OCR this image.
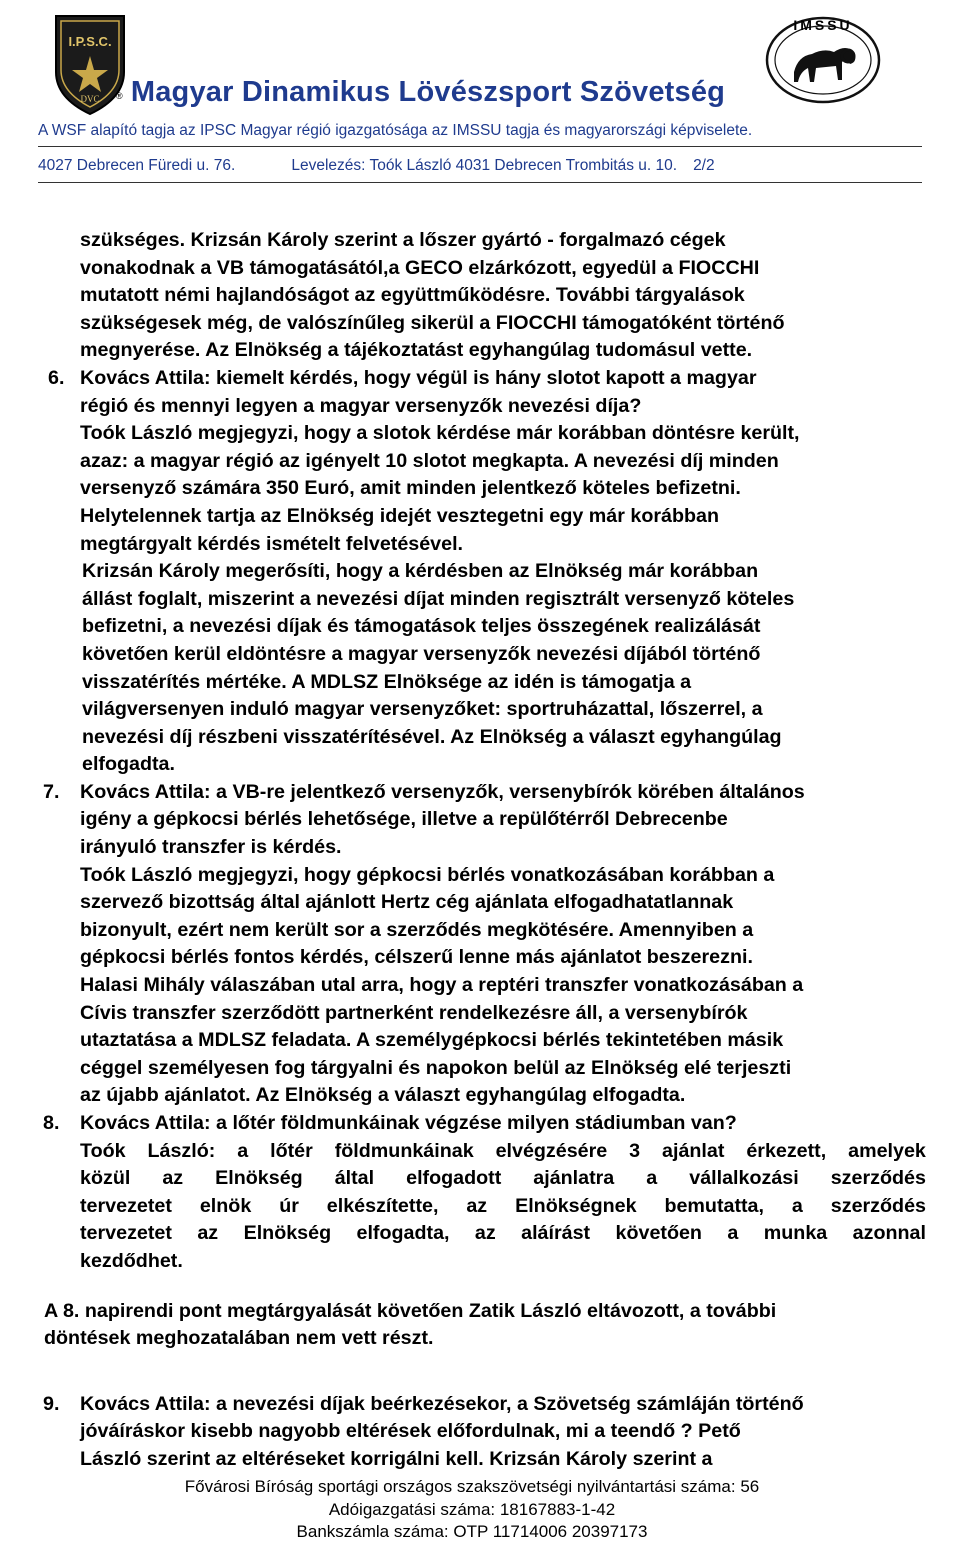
I.P.S.C.
DVC
IMSSU
® Magyar Dinamikus Lövészsport Szövetség
A WSF alapító tagja az IPSC Magyar régió igazgatósága az IMSSU tagja és magyarországi képviselete.
4027 Debrecen Füredi u. 76.	Levelezés: Toók László 4031 Debrecen Trombitás u. 10. 2/2
szükséges. Krizsán Károly szerint a lőszer gyártó - forgalmazó cégek
vonakodnak a VB támogatásától,a GECO elzárkózott, egyedül a FIOCCHI
mutatott némi hajlandóságot az együttműködésre. További tárgyalások
szükségesek még, de valószínűleg sikerül a FIOCCHI támogatóként történő
megnyerése. Az Elnökség a tájékoztatást egyhangúlag tudomásul vette.
6. Kovács Attila: kiemelt kérdés, hogy végül is hány slotot kapott a magyar
régió és mennyi legyen a magyar versenyzők nevezési díja?
Toók László megjegyzi, hogy a slotok kérdése már korábban döntésre került,
azaz: a magyar régió az igényelt 10 slotot megkapta. A nevezési díj minden
versenyző számára 350 Euró, amit minden jelentkező köteles befizetni.
Helytelennek tartja az Elnökség idejét vesztegetni egy már korábban
megtárgyalt kérdés ismételt felvetésével.
Krizsán Károly megerősíti, hogy a kérdésben az Elnökség már korábban
állást foglalt, miszerint a nevezési díjat minden regisztrált versenyző köteles
befizetni, a nevezési díjak és támogatások teljes összegének realizálását
követően kerül eldöntésre a magyar versenyzők nevezési díjából történő
visszatérítés mértéke. A MDLSZ Elnöksége az idén is támogatja a
világversenyen induló magyar versenyzőket: sportruházattal, lőszerrel, a
nevezési díj részbeni visszatérítésével. Az Elnökség a választ egyhangúlag
elfogadta.
7. Kovács Attila: a VB-re jelentkező versenyzők, versenybírók körében általános
igény a gépkocsi bérlés lehetősége, illetve a repülőtérről Debrecenbe
irányuló transzfer is kérdés.
Toók László megjegyzi, hogy gépkocsi bérlés vonatkozásában korábban a
szervező bizottság által ajánlott Hertz cég ajánlata elfogadhatatlannak
bizonyult, ezért nem került sor a szerződés megkötésére. Amennyiben a
gépkocsi bérlés fontos kérdés, célszerű lenne más ajánlatot beszerezni.
Halasi Mihály válaszában utal arra, hogy a reptéri transzfer vonatkozásában a
Cívis transzfer szerződött partnerként rendelkezésre áll, a versenybírók
utaztatása a MDLSZ feladata. A személygépkocsi bérlés tekintetében másik
céggel személyesen fog tárgyalni és napokon belül az Elnökség elé terjeszti
az újabb ajánlatot. Az Elnökség a választ egyhangúlag elfogadta.
8. Kovács Attila: a lőtér földmunkáinak végzése milyen stádiumban van?
Toók László: a lőtér földmunkáinak elvégzésére 3 ajánlat érkezett, amelyek
közül az Elnökség által elfogadott ajánlatra a vállalkozási szerződés
tervezetet elnök úr elkészítette, az Elnökségnek bemutatta, a szerződés
tervezetet az Elnökség elfogadta, az aláírást követően a munka azonnal
kezdődhet.
A 8. napirendi pont megtárgyalását követően Zatik László eltávozott, a további
döntések meghozatalában nem vett részt.
9. Kovács Attila: a nevezési díjak beérkezésekor, a Szövetség számláján történő
jóváíráskor kisebb nagyobb eltérések előfordulnak, mi a teendő ? Pető
László szerint az eltéréseket korrigálni kell. Krizsán Károly szerint a
Fővárosi Bíróság sportági országos szakszövetségi nyilvántartási száma: 56
Adóigazgatási száma: 18167883-1-42
Bankszámla száma: OTP 11714006 20397173
